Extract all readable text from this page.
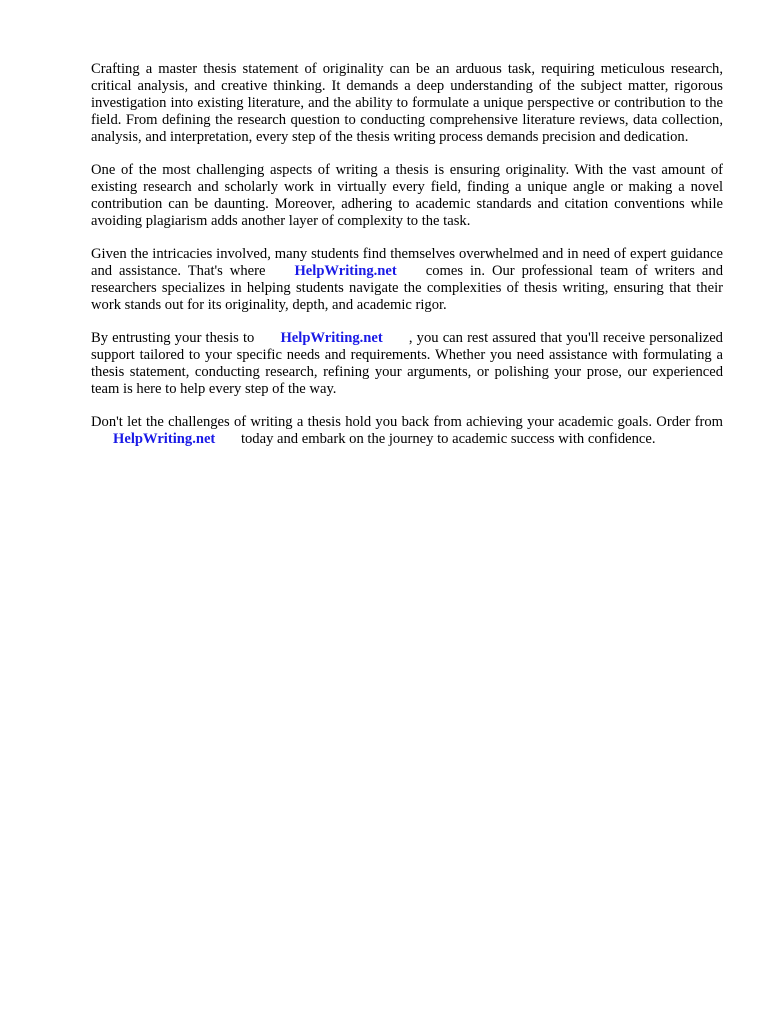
Crafting a master thesis statement of originality can be an arduous task, requiring meticulous research, critical analysis, and creative thinking. It demands a deep understanding of the subject matter, rigorous investigation into existing literature, and the ability to formulate a unique perspective or contribution to the field. From defining the research question to conducting comprehensive literature reviews, data collection, analysis, and interpretation, every step of the thesis writing process demands precision and dedication.

One of the most challenging aspects of writing a thesis is ensuring originality. With the vast amount of existing research and scholarly work in virtually every field, finding a unique angle or making a novel contribution can be daunting. Moreover, adhering to academic standards and citation conventions while avoiding plagiarism adds another layer of complexity to the task.

Given the intricacies involved, many students find themselves overwhelmed and in need of expert guidance and assistance. That's where HelpWriting.net comes in. Our professional team of writers and researchers specializes in helping students navigate the complexities of thesis writing, ensuring that their work stands out for its originality, depth, and academic rigor.

By entrusting your thesis to HelpWriting.net , you can rest assured that you'll receive personalized support tailored to your specific needs and requirements. Whether you need assistance with formulating a thesis statement, conducting research, refining your arguments, or polishing your prose, our experienced team is here to help every step of the way.

Don't let the challenges of writing a thesis hold you back from achieving your academic goals. Order from HelpWriting.net today and embark on the journey to academic success with confidence.
